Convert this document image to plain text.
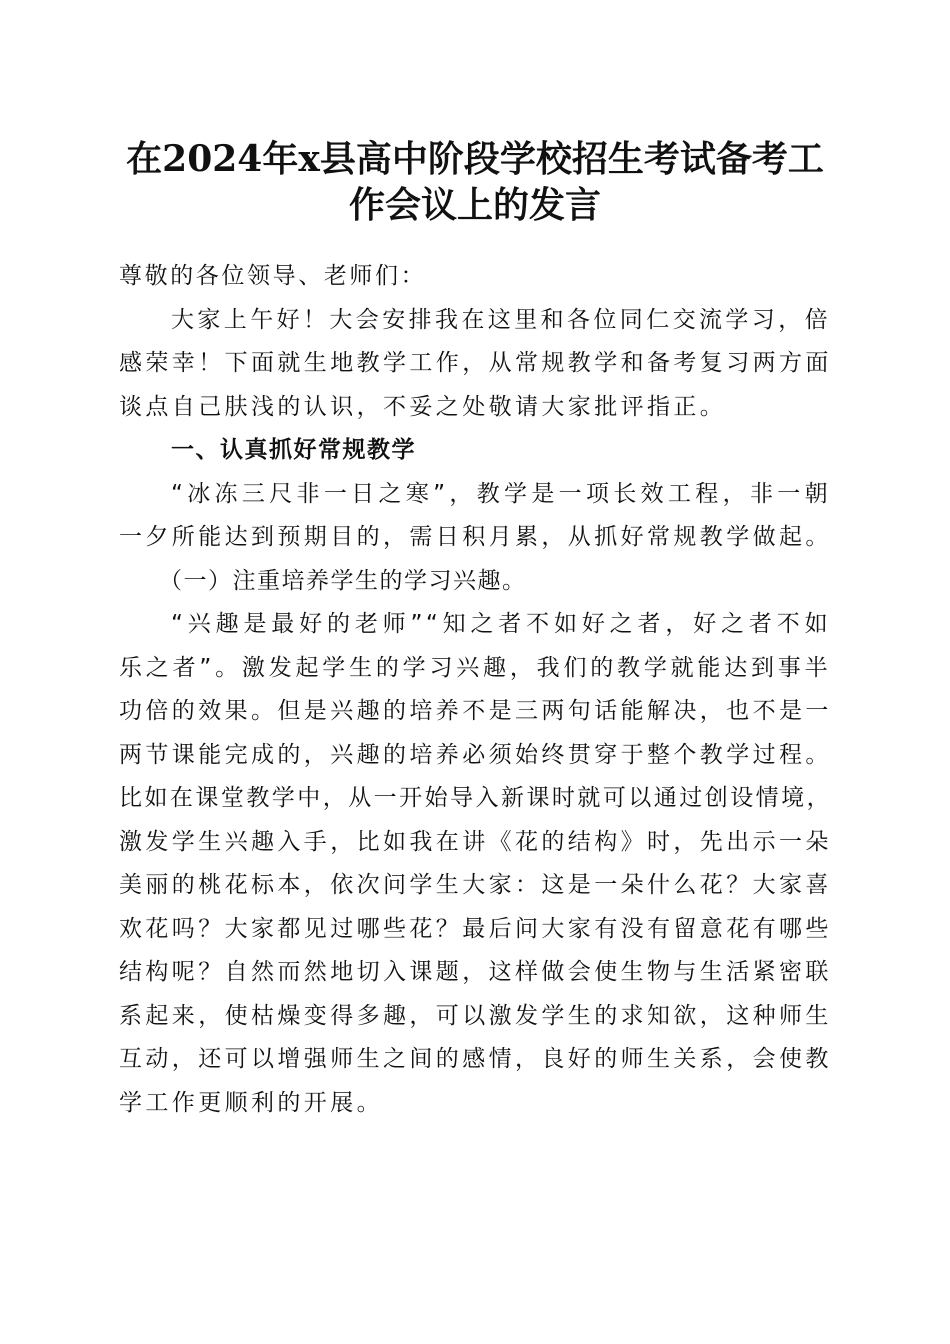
在2024年x县高中阶段学校招生考试备考工
作会议上的发言

尊敬的各位领导、老师们：

大家上午好！大会安排我在这里和各位同仁交流学习，倍

感荣幸！下面就生地教学工作，从常规教学和备考复习两方面

谈点自己肤浅的认识，不妥之处敬请大家批评指正。

一、认真抓好常规教学

“冰冻三尺非一日之寒”，教学是一项长效工程，非一朝

一夕所能达到预期目的，需日积月累，从抓好常规教学做起。

（一）注重培养学生的学习兴趣。

“兴趣是最好的老师”“知之者不如好之者，好之者不如

乐之者”。激发起学生的学习兴趣，我们的教学就能达到事半

功倍的效果。但是兴趣的培养不是三两句话能解决，也不是一

两节课能完成的，兴趣的培养必须始终贯穿于整个教学过程。

比如在课堂教学中，从一开始导入新课时就可以通过创设情境，

激发学生兴趣入手，比如我在讲《花的结构》时，先出示一朵

美丽的桃花标本，依次问学生大家：这是一朵什么花？大家喜

欢花吗？大家都见过哪些花？最后问大家有没有留意花有哪些

结构呢？自然而然地切入课题，这样做会使生物与生活紧密联

系起来，使枯燥变得多趣，可以激发学生的求知欲，这种师生

互动，还可以增强师生之间的感情，良好的师生关系，会使教

学工作更顺利的开展。
